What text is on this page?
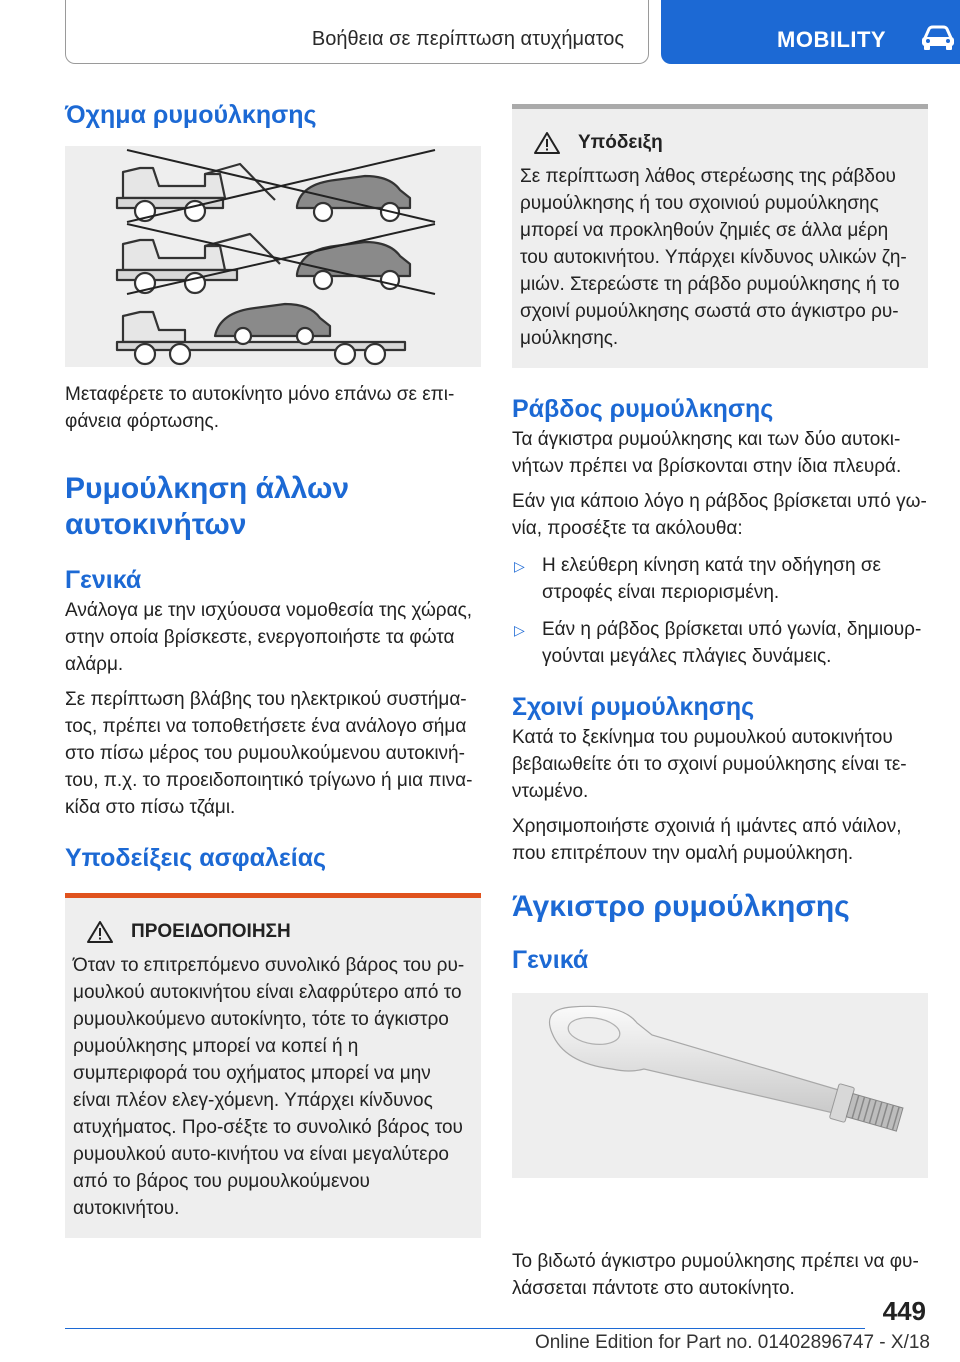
Βοήθεια σε περίπτωση ατυχήματος	MOBILITY
Όχημα ρυμούλκησης

Μεταφέρετε το αυτοκίνητο μόνο επάνω σε επι-φάνεια φόρτωσης.

Ρυμούλκηση άλλων αυτοκινήτων
Γενικά

Ανάλογα με την ισχύουσα νομοθεσία της χώρας, στην οποία βρίσκεστε, ενεργοποιήστε τα φώτα αλάρμ.

Σε περίπτωση βλάβης του ηλεκτρικού συστήμα-τος, πρέπει να τοποθετήσετε ένα ανάλογο σήμα στο πίσω μέρος του ρυμουλκούμενου αυτοκινή-του, π.χ. το προειδοποιητικό τρίγωνο ή μια πινα-κίδα στο πίσω τζάμι.

Υποδείξεις ασφαλείας
ΠΡΟΕΙΔΟΠΟΙΗΣΗ

Όταν το επιτρεπόμενο συνολικό βάρος του ρυ-μουλκού αυτοκινήτου είναι ελαφρύτερο από το ρυμουλκούμενο αυτοκίνητο, τότε το άγκιστρο ρυμούλκησης μπορεί να κοπεί ή η συμπεριφορά του οχήματος μπορεί να μην είναι πλέον ελεγ-χόμενη. Υπάρχει κίνδυνος ατυχήματος. Προ-σέξτε το συνολικό βάρος του ρυμουλκού αυτο-κινήτου να είναι μεγαλύτερο από το βάρος του ρυμουλκούμενου αυτοκινήτου.

Υπόδειξη

Σε περίπτωση λάθος στερέωσης της ράβδου ρυμούλκησης ή του σχοινιού ρυμούλκησης μπορεί να προκληθούν ζημιές σε άλλα μέρη του αυτοκινήτου. Υπάρχει κίνδυνος υλικών ζη-μιών. Στερεώστε τη ράβδο ρυμούλκησης ή το σχοινί ρυμούλκησης σωστά στο άγκιστρο ρυ-μούλκησης.

Ράβδος ρυμούλκησης

Τα άγκιστρα ρυμούλκησης και των δύο αυτοκι-νήτων πρέπει να βρίσκονται στην ίδια πλευρά.

Εάν για κάποιο λόγο η ράβδος βρίσκεται υπό γω-νία, προσέξτε τα ακόλουθα:

▷ Η ελεύθερη κίνηση κατά την οδήγηση σε στροφές είναι περιορισμένη.

▷ Εάν η ράβδος βρίσκεται υπό γωνία, δημιουρ-γούνται μεγάλες πλάγιες δυνάμεις.

Σχοινί ρυμούλκησης

Κατά το ξεκίνημα του ρυμουλκού αυτοκινήτου βεβαιωθείτε ότι το σχοινί ρυμούλκησης είναι τε-ντωμένο.

Χρησιμοποιήστε σχοινιά ή ιμάντες από νάιλον, που επιτρέπουν την ομαλή ρυμούλκηση.

Άγκιστρο ρυμούλκησης
Γενικά

Το βιδωτό άγκιστρο ρυμούλκησης πρέπει να φυ-λάσσεται πάντοτε στο αυτοκίνητο.

449
Online Edition for Part no. 01402896747 - X/18
